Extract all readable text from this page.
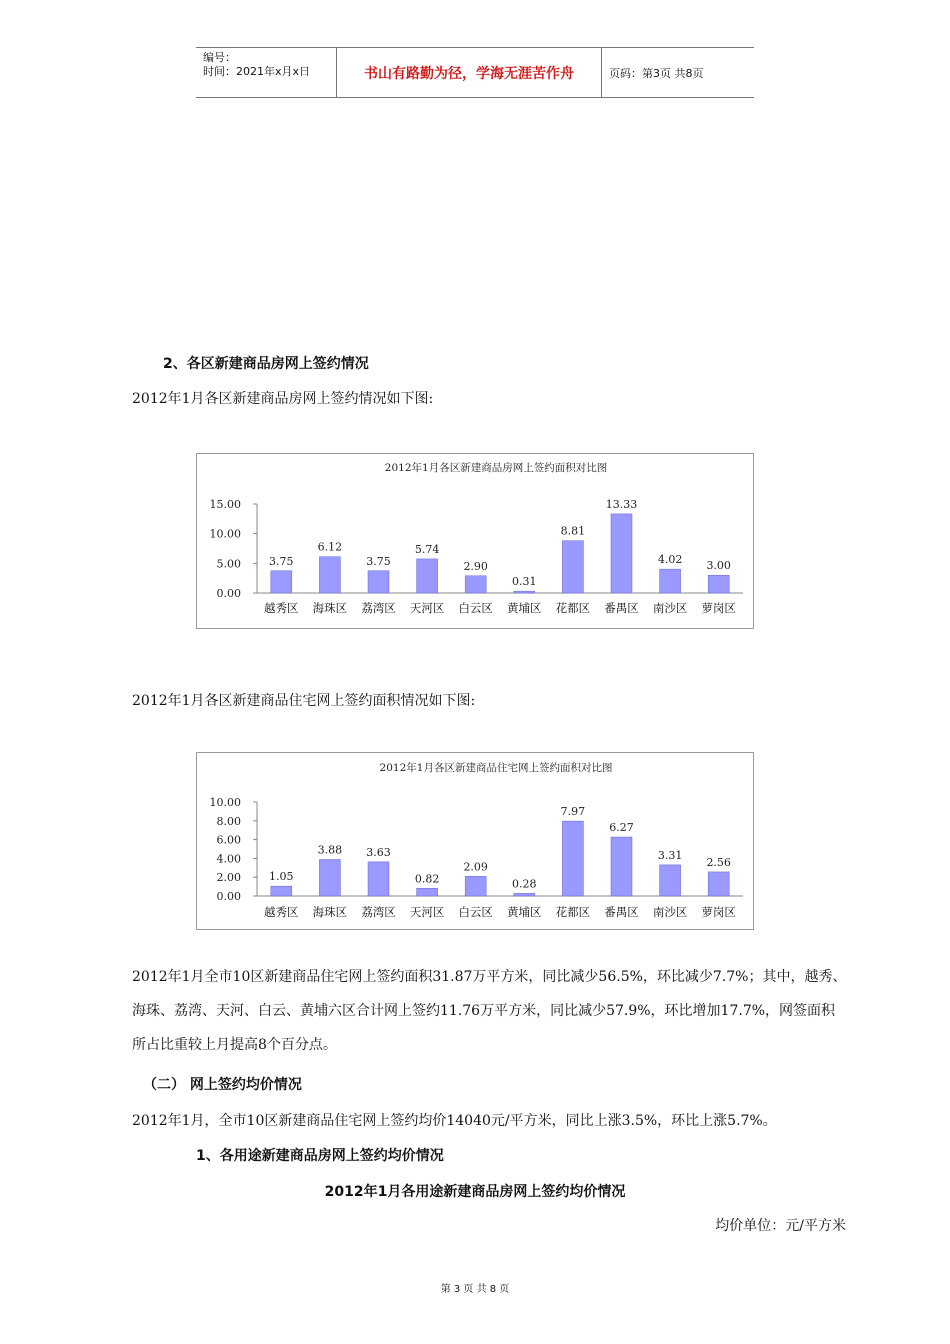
编号：
时间：2021年x月x日	书山有路勤为径，学海无涯苦作舟	页码：第3页 共8页
2、各区新建商品房网上签约情况
2012年1月各区新建商品房网上签约情况如下图:
2012年1月各区新建商品房网上签约面积对比图
0.00
5.00
10.00
15.00
3.75
越秀区
6.12
海珠区
3.75
荔湾区
5.74
天河区
2.90
白云区
0.31
黄埔区
8.81
花都区
13.33
番禺区
4.02
南沙区
3.00
萝岗区
2012年1月各区新建商品住宅网上签约面积情况如下图:
2012年1月各区新建商品住宅网上签约面积对比图
0.00
2.00
4.00
6.00
8.00
10.00
1.05
越秀区
3.88
海珠区
3.63
荔湾区
0.82
天河区
2.09
白云区
0.28
黄埔区
7.97
花都区
6.27
番禺区
3.31
南沙区
2.56
萝岗区
2012年1月全市10区新建商品住宅网上签约面积31.87万平方米，同比减少56.5%，环比减少7.7%；其中，越秀、海珠、荔湾、天河、白云、黄埔六区合计网上签约11.76万平方米，同比减少57.9%，环比增加17.7%，网签面积所占比重较上月提高8个百分点。
（二） 网上签约均价情况
2012年1月，全市10区新建商品住宅网上签约均价14040元/平方米，同比上涨3.5%，环比上涨5.7%。
1、各用途新建商品房网上签约均价情况
2012年1月各用途新建商品房网上签约均价情况
均价单位：元/平方米
第 3 页 共 8 页
